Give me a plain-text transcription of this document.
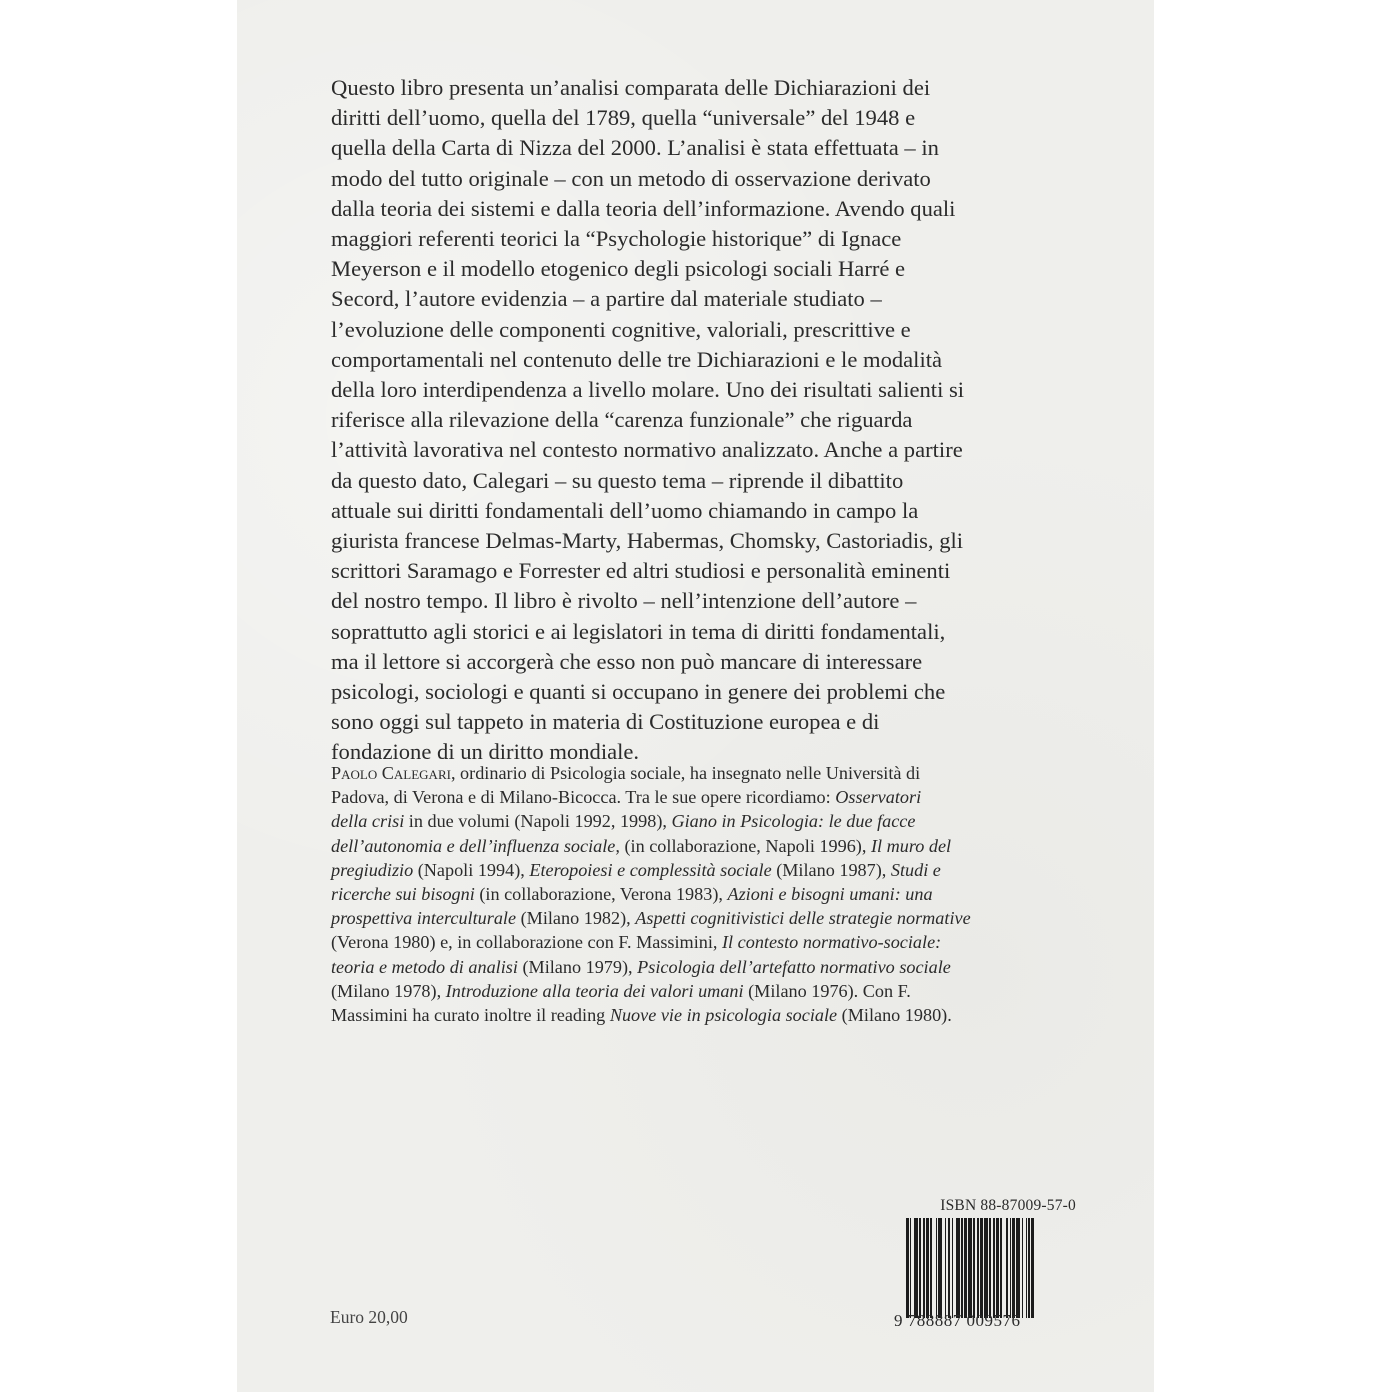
Questo libro presenta un’analisi comparata delle Dichiarazioni dei
diritti dell’uomo, quella del 1789, quella “universale” del 1948 e
quella della Carta di Nizza del 2000. L’analisi è stata effettuata – in
modo del tutto originale – con un metodo di osservazione derivato
dalla teoria dei sistemi e dalla teoria dell’informazione. Avendo quali
maggiori referenti teorici la “Psychologie historique” di Ignace
Meyerson e il modello etogenico degli psicologi sociali Harré e
Secord, l’autore evidenzia – a partire dal materiale studiato –
l’evoluzione delle componenti cognitive, valoriali, prescrittive e
comportamentali nel contenuto delle tre Dichiarazioni e le modalità
della loro interdipendenza a livello molare. Uno dei risultati salienti si
riferisce alla rilevazione della “carenza funzionale” che riguarda
l’attività lavorativa nel contesto normativo analizzato. Anche a partire
da questo dato, Calegari – su questo tema – riprende il dibattito
attuale sui diritti fondamentali dell’uomo chiamando in campo la
giurista francese Delmas-Marty, Habermas, Chomsky, Castoriadis, gli
scrittori Saramago e Forrester ed altri studiosi e personalità eminenti
del nostro tempo. Il libro è rivolto – nell’intenzione dell’autore –
soprattutto agli storici e ai legislatori in tema di diritti fondamentali,
ma il lettore si accorgerà che esso non può mancare di interessare
psicologi, sociologi e quanti si occupano in genere dei problemi che
sono oggi sul tappeto in materia di Costituzione europea e di
fondazione di un diritto mondiale.
Paolo Calegari, ordinario di Psicologia sociale, ha insegnato nelle Università di
Padova, di Verona e di Milano-Bicocca. Tra le sue opere ricordiamo: Osservatori
della crisi in due volumi (Napoli 1992, 1998), Giano in Psicologia: le due facce
dell’autonomia e dell’influenza sociale, (in collaborazione, Napoli 1996), Il muro del
pregiudizio (Napoli 1994), Eteropoiesi e complessità sociale (Milano 1987), Studi e
ricerche sui bisogni (in collaborazione, Verona 1983), Azioni e bisogni umani: una
prospettiva interculturale (Milano 1982), Aspetti cognitivistici delle strategie normative
(Verona 1980) e, in collaborazione con F. Massimini, Il contesto normativo-sociale:
teoria e metodo di analisi (Milano 1979), Psicologia dell’artefatto normativo sociale
(Milano 1978), Introduzione alla teoria dei valori umani (Milano 1976). Con F.
Massimini ha curato inoltre il reading Nuove vie in psicologia sociale (Milano 1980).
ISBN 88-87009-57-0
9 788887 009576
Euro 20,00
